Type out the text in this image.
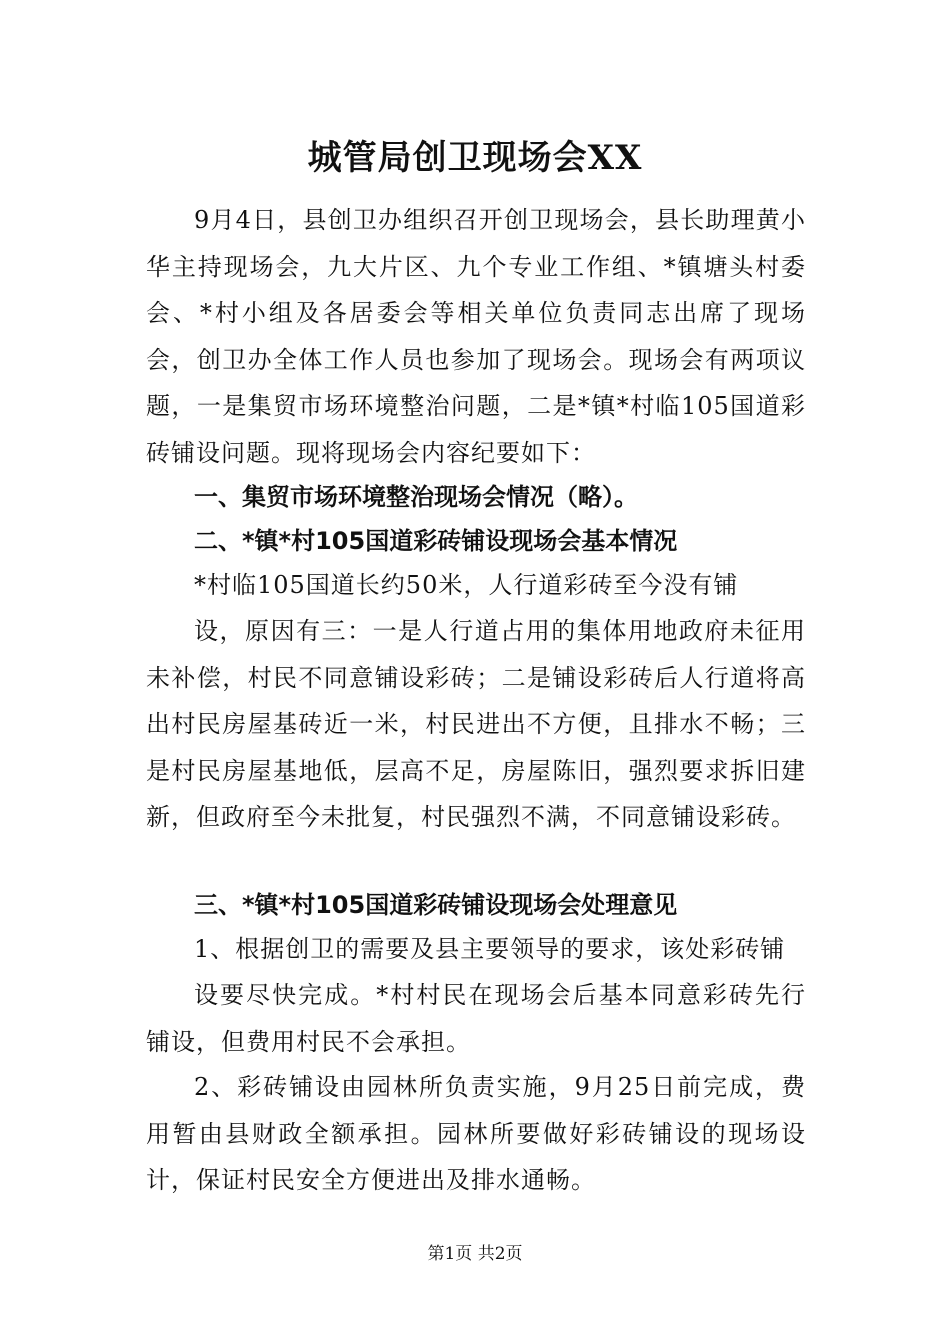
城管局创卫现场会XX

9月4日，县创卫办组织召开创卫现场会，县长助理黄小华主持现场会，九大片区、九个专业工作组、*镇塘头村委会、*村小组及各居委会等相关单位负责同志出席了现场会，创卫办全体工作人员也参加了现场会。现场会有两项议题，一是集贸市场环境整治问题，二是*镇*村临105国道彩砖铺设问题。现将现场会内容纪要如下：

一、集贸市场环境整治现场会情况（略）。

二、*镇*村105国道彩砖铺设现场会基本情况

*村临105国道长约50米，人行道彩砖至今没有铺

设，原因有三：一是人行道占用的集体用地政府未征用未补偿，村民不同意铺设彩砖；二是铺设彩砖后人行道将高出村民房屋基砖近一米，村民进出不方便，且排水不畅；三是村民房屋基地低，层高不足，房屋陈旧，强烈要求拆旧建新，但政府至今未批复，村民强烈不满，不同意铺设彩砖。

三、*镇*村105国道彩砖铺设现场会处理意见

1、根据创卫的需要及县主要领导的要求，该处彩砖铺

设要尽快完成。*村村民在现场会后基本同意彩砖先行铺设，但费用村民不会承担。

2、彩砖铺设由园林所负责实施，9月25日前完成，费用暂由县财政全额承担。园林所要做好彩砖铺设的现场设计，保证村民安全方便进出及排水通畅。

第1页 共2页
